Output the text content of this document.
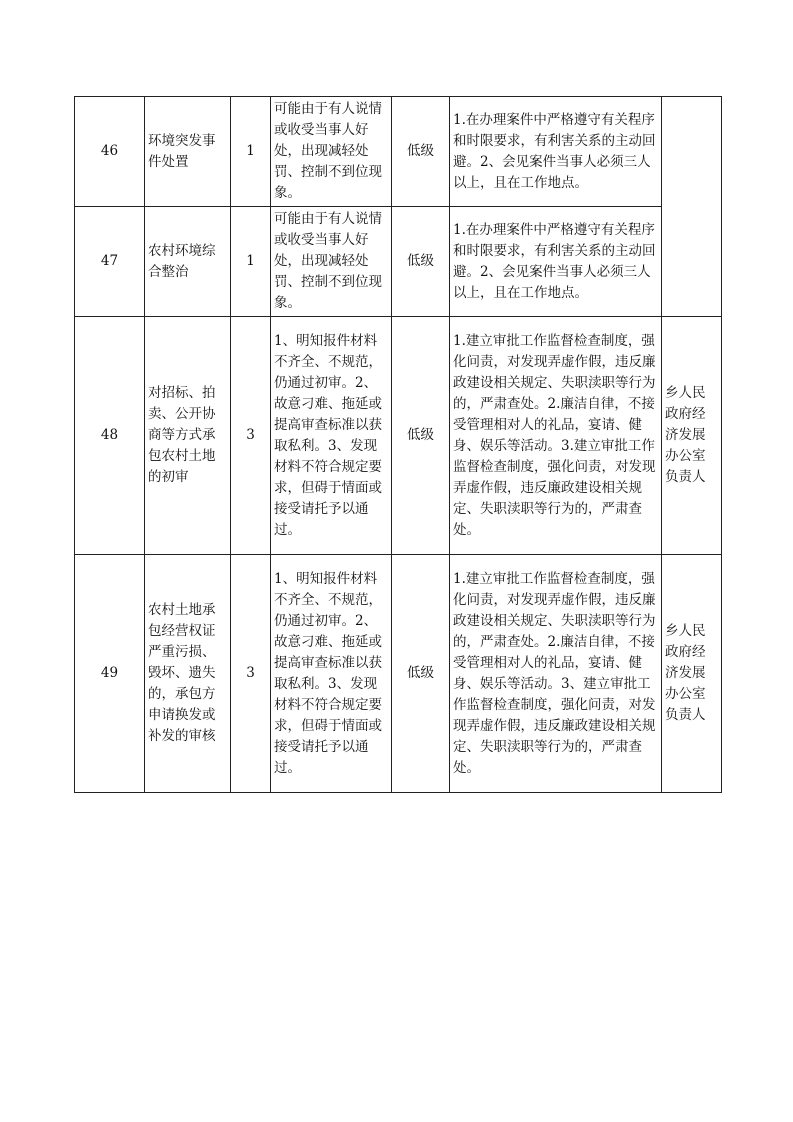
46	环境突发事件处置	1	可能由于有人说情或收受当事人好处，出现减轻处罚、控制不到位现象。	低级	1.在办理案件中严格遵守有关程序和时限要求，有利害关系的主动回避。2、会见案件当事人必须三人以上，且在工作地点。	
47	农村环境综合整治	1	可能由于有人说情或收受当事人好处，出现减轻处罚、控制不到位现象。	低级	1.在办理案件中严格遵守有关程序和时限要求，有利害关系的主动回避。2、会见案件当事人必须三人以上，且在工作地点。	
48	对招标、拍卖、公开协商等方式承包农村土地的初审	3	1、明知报件材料不齐全、不规范，仍通过初审。2、故意刁难、拖延或提高审查标准以获取私利。3、发现材料不符合规定要求，但碍于情面或接受请托予以通过。	低级	1.建立审批工作监督检查制度，强化问责，对发现弄虚作假，违反廉政建设相关规定、失职渎职等行为的，严肃查处。2.廉洁自律，不接受管理相对人的礼品，宴请、健身、娱乐等活动。3.建立审批工作监督检查制度，强化问责，对发现弄虚作假，违反廉政建设相关规定、失职渎职等行为的，严肃查处。	乡人民政府经济发展办公室负责人
49	农村土地承包经营权证严重污损、毁坏、遗失的，承包方申请换发或补发的审核	3	1、明知报件材料不齐全、不规范，仍通过初审。2、故意刁难、拖延或提高审查标准以获取私利。3、发现材料不符合规定要求，但碍于情面或接受请托予以通过。	低级	1.建立审批工作监督检查制度，强化问责，对发现弄虚作假，违反廉政建设相关规定、失职渎职等行为的，严肃查处。2.廉洁自律，不接受管理相对人的礼品，宴请、健身、娱乐等活动。3、建立审批工作监督检查制度，强化问责，对发现弄虚作假，违反廉政建设相关规定、失职渎职等行为的，严肃查处。	乡人民政府经济发展办公室负责人
